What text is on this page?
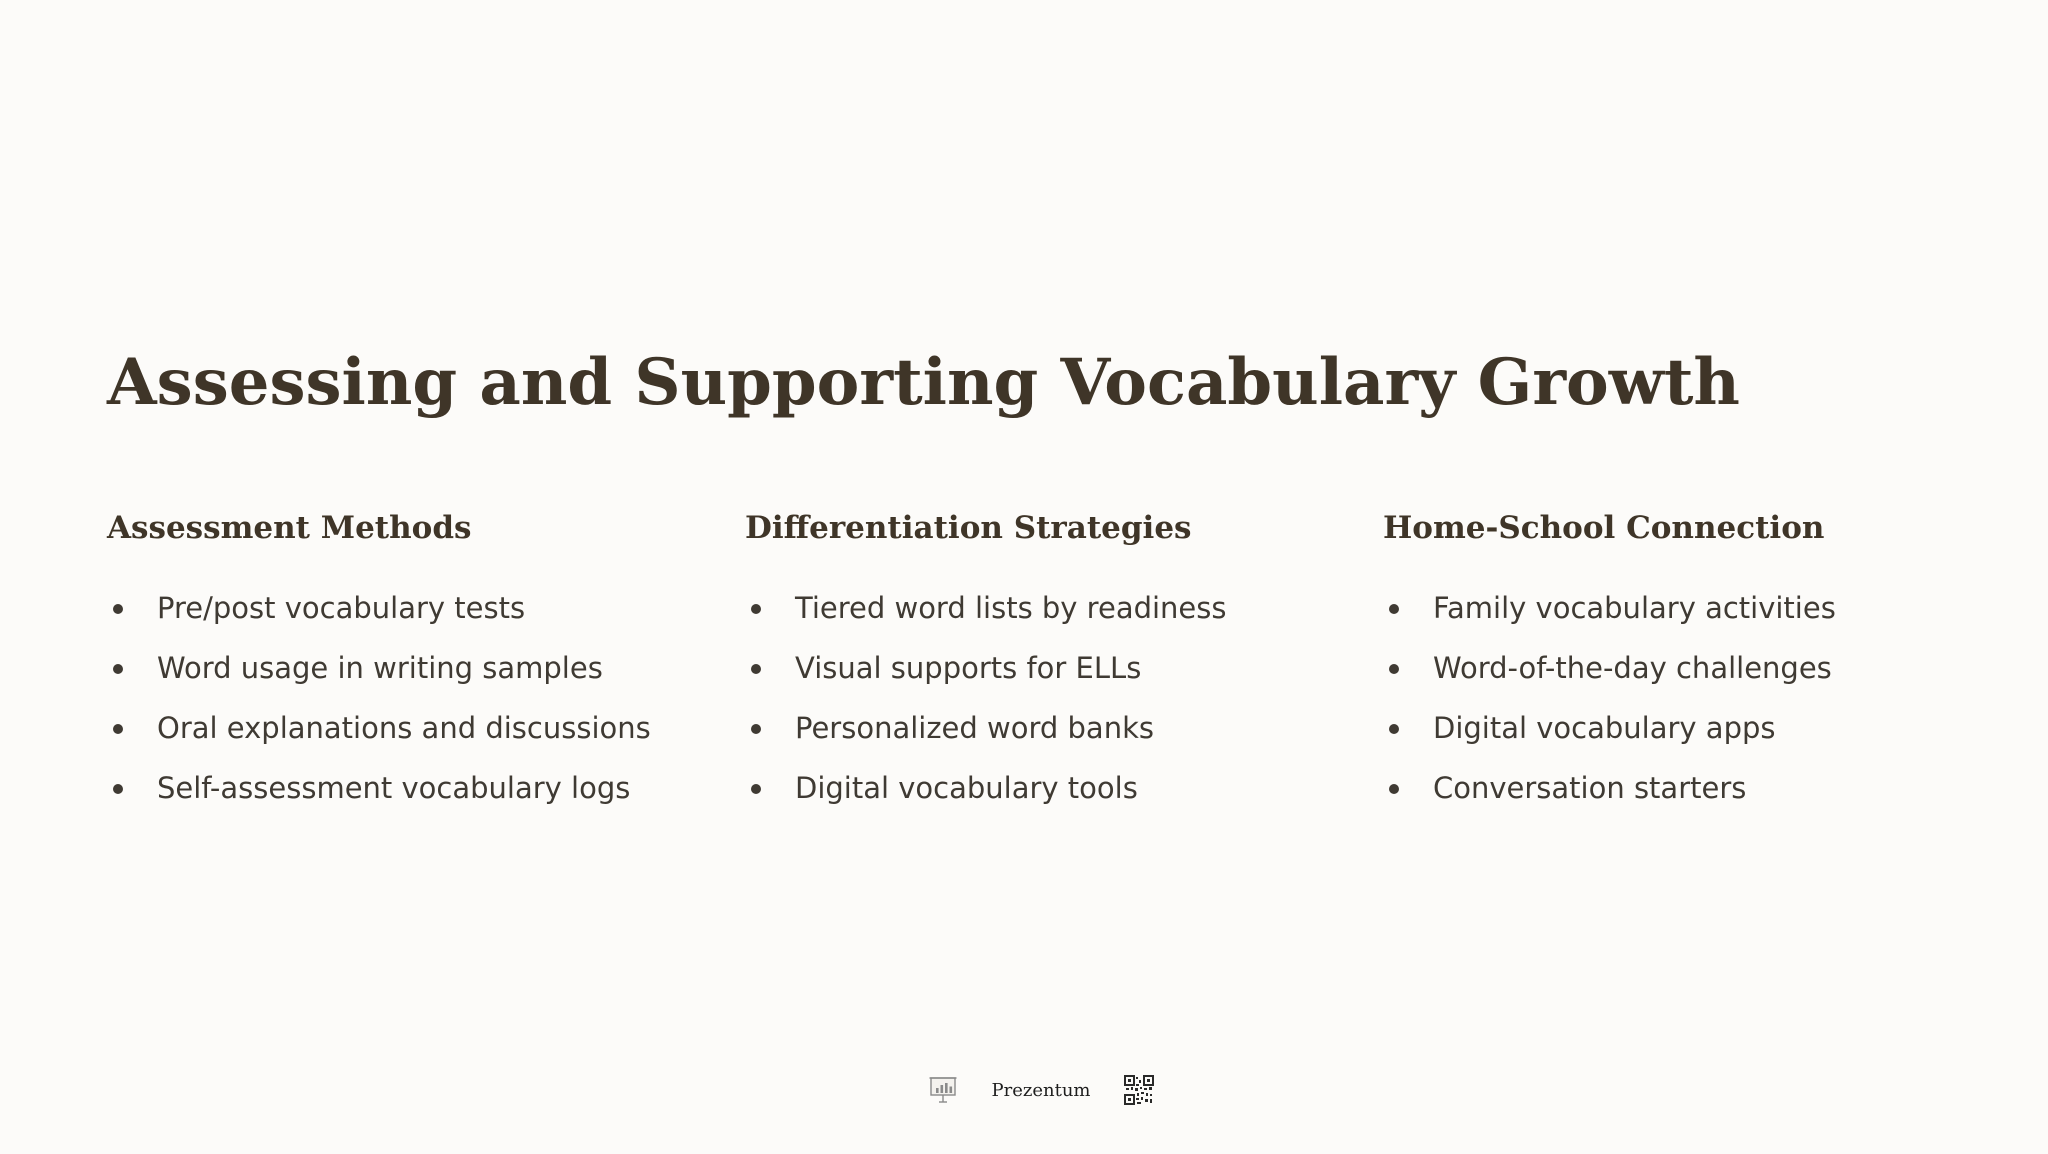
Assessing and Supporting Vocabulary Growth
Assessment Methods
Pre/post vocabulary tests
Word usage in writing samples
Oral explanations and discussions
Self-assessment vocabulary logs
Differentiation Strategies
Tiered word lists by readiness
Visual supports for ELLs
Personalized word banks
Digital vocabulary tools
Home-School Connection
Family vocabulary activities
Word-of-the-day challenges
Digital vocabulary apps
Conversation starters
Prezentum
